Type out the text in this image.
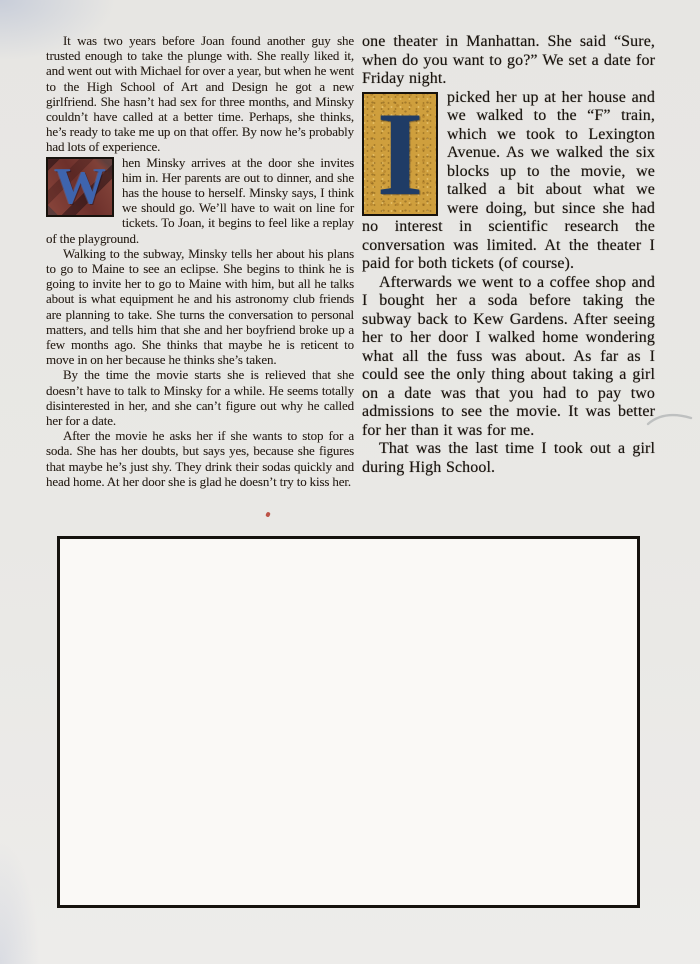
It was two years before Joan found another guy she trusted enough to take the plunge with. She really liked it, and went out with Michael for over a year, but when he went to the High School of Art and Design he got a new girlfriend. She hasn’t had sex for three months, and Minsky couldn’t have called at a better time. Perhaps, she thinks, he’s ready to take me up on that offer. By now he’s probably had lots of experience.

W hen Minsky arrives at the door she invites him in. Her parents are out to dinner, and she has the house to herself. Minsky says, I think we should go. We’ll have to wait on line for tickets. To Joan, it begins to feel like a replay of the playground.

Walking to the subway, Minsky tells her about his plans to go to Maine to see an eclipse. She begins to think he is going to invite her to go to Maine with him, but all he talks about is what equipment he and his astronomy club friends are planning to take. She turns the conversation to personal matters, and tells him that she and her boyfriend broke up a few months ago. She thinks that maybe he is reticent to move in on her because he thinks she’s taken.

By the time the movie starts she is relieved that she doesn’t have to talk to Minsky for a while. He seems totally disinterested in her, and she can’t figure out why he called her for a date.

After the movie he asks her if she wants to stop for a soda. She has her doubts, but says yes, because she figures that maybe he’s just shy. They drink their sodas quickly and head home. At her door she is glad he doesn’t try to kiss her.

one theater in Manhattan. She said “Sure, when do you want to go?” We set a date for Friday night.

I picked her up at her house and we walked to the “F” train, which we took to Lexington Avenue. As we walked the six blocks up to the movie, we talked a bit about what we were doing, but since she had no interest in scientific research the conversation was limited. At the theater I paid for both tickets (of course).

Afterwards we went to a coffee shop and I bought her a soda before taking the subway back to Kew Gardens. After seeing her to her door I walked home wondering what all the fuss was about. As far as I could see the only thing about taking a girl on a date was that you had to pay two admissions to see the movie. It was better for her than it was for me.

That was the last time I took out a girl during High School.
